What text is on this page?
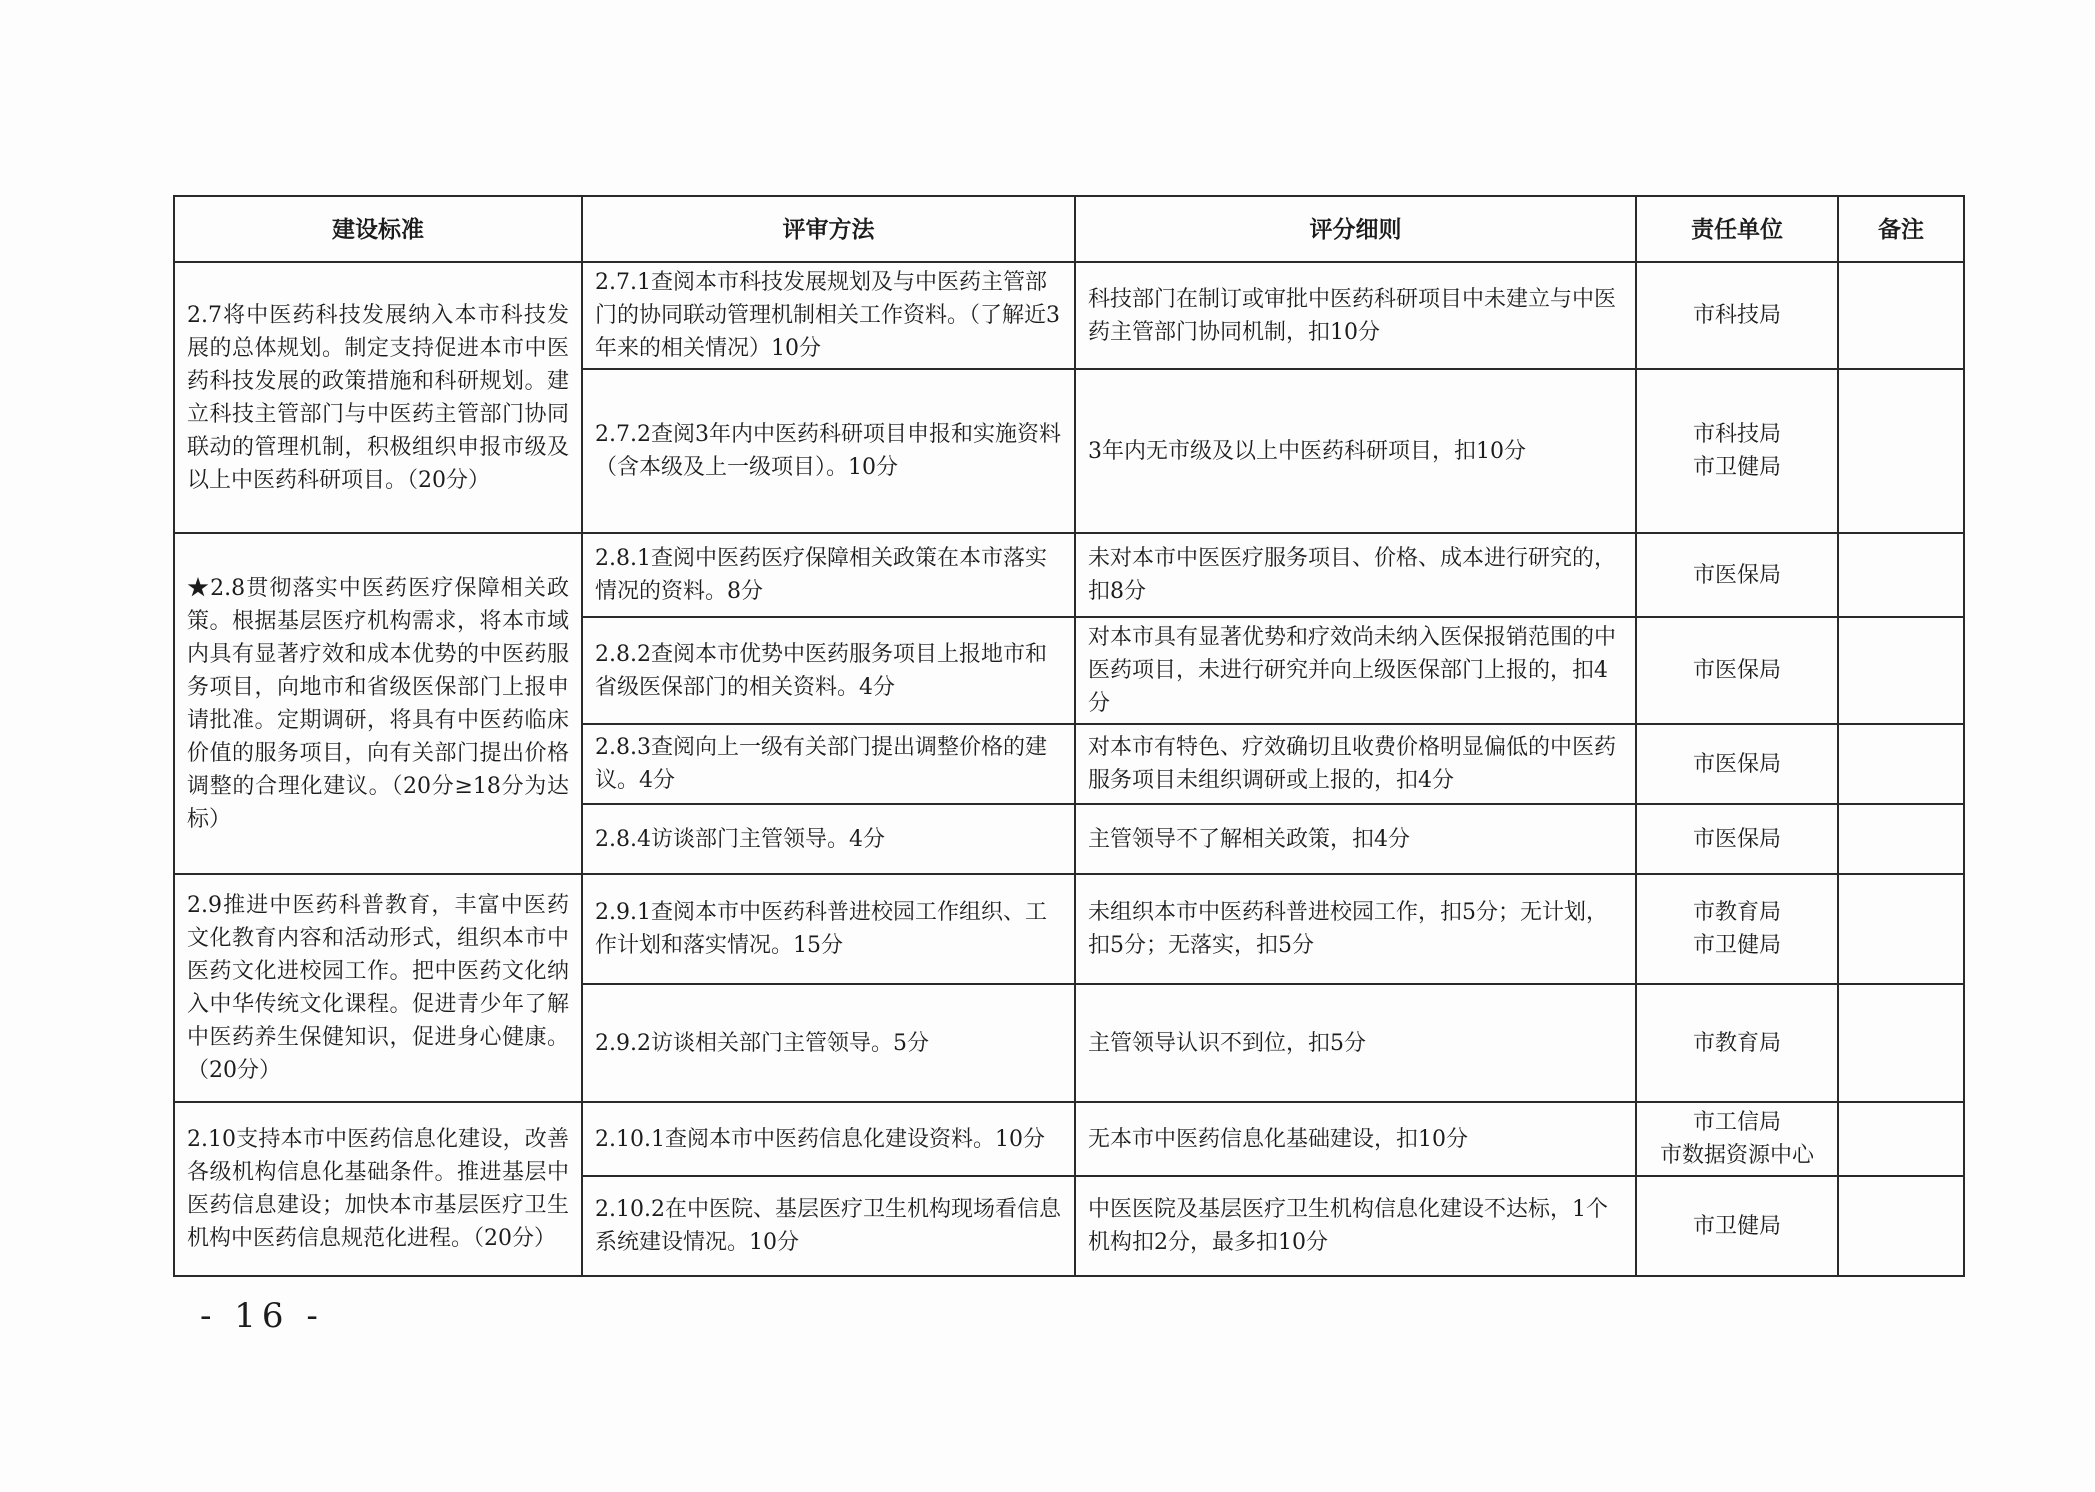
建设标准	评审方法	评分细则	责任单位	备注
2.7将中医药科技发展纳入本市科技发展的总体规划。制定支持促进本市中医药科技发展的政策措施和科研规划。建立科技主管部门与中医药主管部门协同联动的管理机制，积极组织申报市级及以上中医药科研项目。（20分）	2.7.1查阅本市科技发展规划及与中医药主管部门的协同联动管理机制相关工作资料。（了解近3年来的相关情况）10分	科技部门在制订或审批中医药科研项目中未建立与中医药主管部门协同机制，扣10分	市科技局	

	2.7.2查阅3年内中医药科研项目申报和实施资料（含本级及上一级项目）。10分	3年内无市级及以上中医药科研项目，扣10分	市科技局
市卫健局	

★2.8贯彻落实中医药医疗保障相关政策。根据基层医疗机构需求，将本市域内具有显著疗效和成本优势的中医药服务项目，向地市和省级医保部门上报申请批准。定期调研，将具有中医药临床价值的服务项目，向有关部门提出价格调整的合理化建议。（20分≥18分为达标）	2.8.1查阅中医药医疗保障相关政策在本市落实情况的资料。8分	未对本市中医医疗服务项目、价格、成本进行研究的，扣8分	市医保局	

	2.8.2查阅本市优势中医药服务项目上报地市和省级医保部门的相关资料。4分	对本市具有显著优势和疗效尚未纳入医保报销范围的中医药项目，未进行研究并向上级医保部门上报的，扣4分	市医保局	

	2.8.3查阅向上一级有关部门提出调整价格的建议。4分	对本市有特色、疗效确切且收费价格明显偏低的中医药服务项目未组织调研或上报的，扣4分	市医保局	

	2.8.4访谈部门主管领导。4分	主管领导不了解相关政策，扣4分	市医保局	

2.9推进中医药科普教育，丰富中医药文化教育内容和活动形式，组织本市中医药文化进校园工作。把中医药文化纳入中华传统文化课程。促进青少年了解中医药养生保健知识，促进身心健康。（20分）	2.9.1查阅本市中医药科普进校园工作组织、工作计划和落实情况。15分	未组织本市中医药科普进校园工作，扣5分；无计划，扣5分；无落实，扣5分	市教育局
市卫健局	

	2.9.2访谈相关部门主管领导。5分	主管领导认识不到位，扣5分	市教育局	

2.10支持本市中医药信息化建设，改善各级机构信息化基础条件。推进基层中医药信息建设；加快本市基层医疗卫生机构中医药信息规范化进程。（20分）	2.10.1查阅本市中医药信息化建设资料。10分	无本市中医药信息化基础建设，扣10分	市工信局
市数据资源中心	

	2.10.2在中医院、基层医疗卫生机构现场看信息系统建设情况。10分	中医医院及基层医疗卫生机构信息化建设不达标，1个机构扣2分，最多扣10分	市卫健局	

- 16 -
